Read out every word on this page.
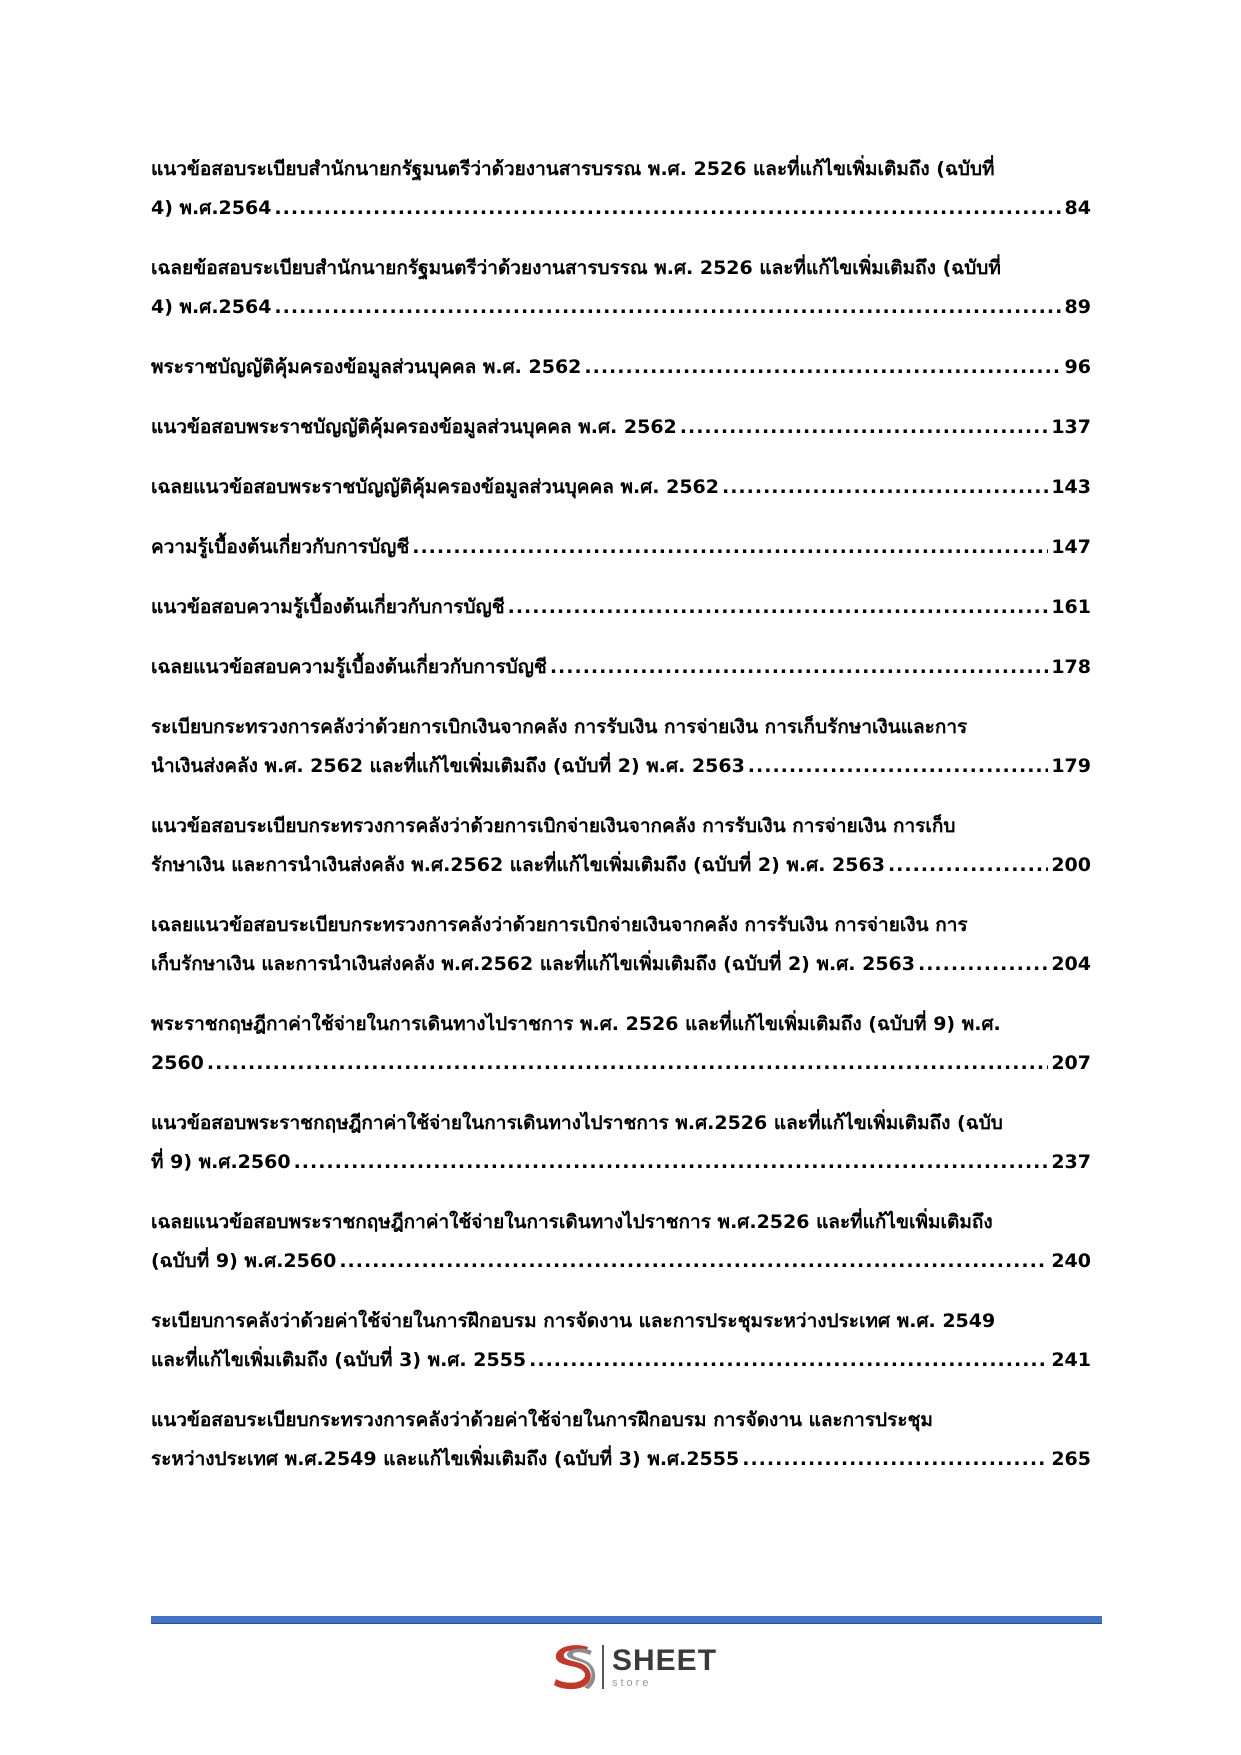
แนวข้อสอบระเบียบสำนักนายกรัฐมนตรีว่าด้วยงานสารบรรณ พ.ศ. 2526 และที่แก้ไขเพิ่มเติมถึง (ฉบับที่
4) พ.ศ.2564 .....	84
เฉลยข้อสอบระเบียบสำนักนายกรัฐมนตรีว่าด้วยงานสารบรรณ พ.ศ. 2526 และที่แก้ไขเพิ่มเติมถึง (ฉบับที่
4) พ.ศ.2564 .....	89
พระราชบัญญัติคุ้มครองข้อมูลส่วนบุคคล พ.ศ. 2562 .....	96
แนวข้อสอบพระราชบัญญัติคุ้มครองข้อมูลส่วนบุคคล พ.ศ. 2562 .....	137
เฉลยแนวข้อสอบพระราชบัญญัติคุ้มครองข้อมูลส่วนบุคคล พ.ศ. 2562 .....	143
ความรู้เบื้องต้นเกี่ยวกับการบัญชี .....	147
แนวข้อสอบความรู้เบื้องต้นเกี่ยวกับการบัญชี .....	161
เฉลยแนวข้อสอบความรู้เบื้องต้นเกี่ยวกับการบัญชี .....	178
ระเบียบกระทรวงการคลังว่าด้วยการเบิกเงินจากคลัง การรับเงิน การจ่ายเงิน การเก็บรักษาเงินและการ
นำเงินส่งคลัง พ.ศ. 2562 และที่แก้ไขเพิ่มเติมถึง (ฉบับที่ 2) พ.ศ. 2563 .....	179
แนวข้อสอบระเบียบกระทรวงการคลังว่าด้วยการเบิกจ่ายเงินจากคลัง การรับเงิน การจ่ายเงิน การเก็บ
รักษาเงิน และการนำเงินส่งคลัง พ.ศ.2562 และที่แก้ไขเพิ่มเติมถึง (ฉบับที่ 2) พ.ศ. 2563 .....	200
เฉลยแนวข้อสอบระเบียบกระทรวงการคลังว่าด้วยการเบิกจ่ายเงินจากคลัง การรับเงิน การจ่ายเงิน การ
เก็บรักษาเงิน และการนำเงินส่งคลัง พ.ศ.2562 และที่แก้ไขเพิ่มเติมถึง (ฉบับที่ 2) พ.ศ. 2563 .....	204
พระราชกฤษฎีกาค่าใช้จ่ายในการเดินทางไปราชการ พ.ศ. 2526 และที่แก้ไขเพิ่มเติมถึง (ฉบับที่ 9) พ.ศ.
2560 .....	207
แนวข้อสอบพระราชกฤษฎีกาค่าใช้จ่ายในการเดินทางไปราชการ พ.ศ.2526 และที่แก้ไขเพิ่มเติมถึง (ฉบับ
ที่ 9) พ.ศ.2560 .....	237
เฉลยแนวข้อสอบพระราชกฤษฎีกาค่าใช้จ่ายในการเดินทางไปราชการ พ.ศ.2526 และที่แก้ไขเพิ่มเติมถึง
(ฉบับที่ 9) พ.ศ.2560 .....	240
ระเบียบการคลังว่าด้วยค่าใช้จ่ายในการฝึกอบรม การจัดงาน และการประชุมระหว่างประเทศ พ.ศ. 2549
และที่แก้ไขเพิ่มเติมถึง (ฉบับที่ 3) พ.ศ. 2555 .....	241
แนวข้อสอบระเบียบกระทรวงการคลังว่าด้วยค่าใช้จ่ายในการฝึกอบรม การจัดงาน และการประชุม
ระหว่างประเทศ พ.ศ.2549 และแก้ไขเพิ่มเติมถึง (ฉบับที่ 3) พ.ศ.2555 .....	265
SHEET
store
